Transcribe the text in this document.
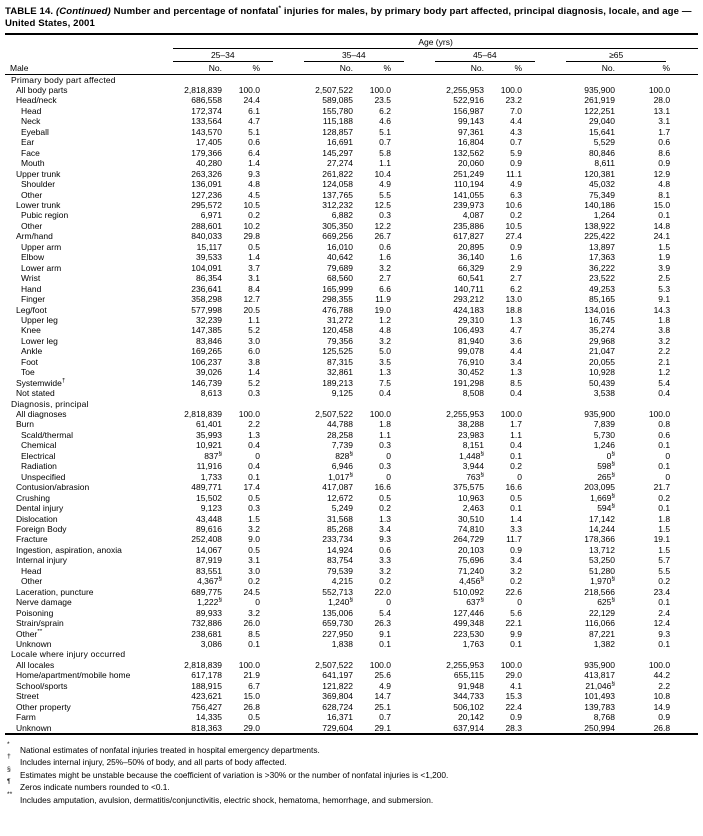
TABLE 14. (Continued) Number and percentage of nonfatal* injuries for males, by primary body part affected, principal diagnosis, locale, and age — United States, 2001
	Age (yrs)							

	25–34		35–44		45–64		≥65	

Male	No.	%	No.	%	No.	%	No.	%
Primary body part affected								
All body parts	2,818,839	100.0	2,507,522	100.0	2,255,953	100.0	935,900	100.0
Head/neck	686,558	24.4	589,085	23.5	522,916	23.2	261,919	28.0
Head	172,374	6.1	155,780	6.2	156,987	7.0	122,251	13.1
Neck	133,564	4.7	115,188	4.6	99,143	4.4	29,040	3.1
Eyeball	143,570	5.1	128,857	5.1	97,361	4.3	15,641	1.7
Ear	17,405	0.6	16,691	0.7	16,804	0.7	5,529	0.6
Face	179,366	6.4	145,297	5.8	132,562	5.9	80,846	8.6
Mouth	40,280	1.4	27,274	1.1	20,060	0.9	8,611	0.9
Upper trunk	263,326	9.3	261,822	10.4	251,249	11.1	120,381	12.9
Shoulder	136,091	4.8	124,058	4.9	110,194	4.9	45,032	4.8
Other	127,236	4.5	137,765	5.5	141,055	6.3	75,349	8.1
Lower trunk	295,572	10.5	312,232	12.5	239,973	10.6	140,186	15.0
Pubic region	6,971	0.2	6,882	0.3	4,087	0.2	1,264	0.1
Other	288,601	10.2	305,350	12.2	235,886	10.5	138,922	14.8
Arm/hand	840,033	29.8	669,256	26.7	617,827	27.4	225,422	24.1
Upper arm	15,117	0.5	16,010	0.6	20,895	0.9	13,897	1.5
Elbow	39,533	1.4	40,642	1.6	36,140	1.6	17,363	1.9
Lower arm	104,091	3.7	79,689	3.2	66,329	2.9	36,222	3.9
Wrist	86,354	3.1	68,560	2.7	60,541	2.7	23,522	2.5
Hand	236,641	8.4	165,999	6.6	140,711	6.2	49,253	5.3
Finger	358,298	12.7	298,355	11.9	293,212	13.0	85,165	9.1
Leg/foot	577,998	20.5	476,788	19.0	424,183	18.8	134,016	14.3
Upper leg	32,239	1.1	31,272	1.2	29,310	1.3	16,745	1.8
Knee	147,385	5.2	120,458	4.8	106,493	4.7	35,274	3.8
Lower leg	83,846	3.0	79,356	3.2	81,940	3.6	29,968	3.2
Ankle	169,265	6.0	125,525	5.0	99,078	4.4	21,047	2.2
Foot	106,237	3.8	87,315	3.5	76,910	3.4	20,055	2.1
Toe	39,026	1.4	32,861	1.3	30,452	1.3	10,928	1.2
Systemwide†	146,739	5.2	189,213	7.5	191,298	8.5	50,439	5.4
Not stated	8,613	0.3	9,125	0.4	8,508	0.4	3,538	0.4
Diagnosis, principal								
All diagnoses	2,818,839	100.0	2,507,522	100.0	2,255,953	100.0	935,900	100.0
Burn	61,401	2.2	44,788	1.8	38,288	1.7	7,839	0.8
Scald/thermal	35,993	1.3	28,258	1.1	23,983	1.1	5,730	0.6
Chemical	10,921	0.4	7,739	0.3	8,151	0.4	1,246	0.1
Electrical	837§	0	828§	0	1,448§	0.1	0§	0
Radiation	11,916	0.4	6,946	0.3	3,944	0.2	598§	0.1
Unspecified	1,733	0.1	1,017§	0	763§	0	265§	0
Contusion/abrasion	489,771	17.4	417,087	16.6	375,575	16.6	203,095	21.7
Crushing	15,502	0.5	12,672	0.5	10,963	0.5	1,669§	0.2
Dental injury	9,123	0.3	5,249	0.2	2,463	0.1	594§	0.1
Dislocation	43,448	1.5	31,568	1.3	30,510	1.4	17,142	1.8
Foreign Body	89,616	3.2	85,268	3.4	74,810	3.3	14,244	1.5
Fracture	252,408	9.0	233,734	9.3	264,729	11.7	178,366	19.1
Ingestion, aspiration, anoxia	14,067	0.5	14,924	0.6	20,103	0.9	13,712	1.5
Internal injury	87,919	3.1	83,754	3.3	75,696	3.4	53,250	5.7
Head	83,551	3.0	79,539	3.2	71,240	3.2	51,280	5.5
Other	4,367§	0.2	4,215	0.2	4,456§	0.2	1,970§	0.2
Laceration, puncture	689,775	24.5	552,713	22.0	510,092	22.6	218,566	23.4
Nerve damage	1,222§	0	1,240§	0	637§	0	625§	0.1
Poisoning	89,933	3.2	135,006	5.4	127,446	5.6	22,129	2.4
Strain/sprain	732,886	26.0	659,730	26.3	499,348	22.1	116,066	12.4
Other**	238,681	8.5	227,950	9.1	223,530	9.9	87,221	9.3
Unknown	3,086	0.1	1,838	0.1	1,763	0.1	1,382	0.1
Locale where injury occurred								
All locales	2,818,839	100.0	2,507,522	100.0	2,255,953	100.0	935,900	100.0
Home/apartment/mobile home	617,178	21.9	641,197	25.6	655,115	29.0	413,817	44.2
School/sports	188,915	6.7	121,822	4.9	91,948	4.1	21,046§	2.2
Street	423,621	15.0	369,804	14.7	344,733	15.3	101,493	10.8
Other property	756,427	26.8	628,724	25.1	506,102	22.4	139,783	14.9
Farm	14,335	0.5	16,371	0.7	20,142	0.9	8,768	0.9
Unknown	818,363	29.0	729,604	29.1	637,914	28.3	250,994	26.8
*
National estimates of nonfatal injuries treated in hospital emergency departments.
†
Includes internal injury, 25%–50% of body, and all parts of body affected.
§
Estimates might be unstable because the coefficient of variation is >30% or the number of nonfatal injuries is <1,200.
¶
Zeros indicate numbers rounded to <0.1.
**
Includes amputation, avulsion, dermatitis/conjunctivitis, electric shock, hematoma, hemorrhage, and submersion.
